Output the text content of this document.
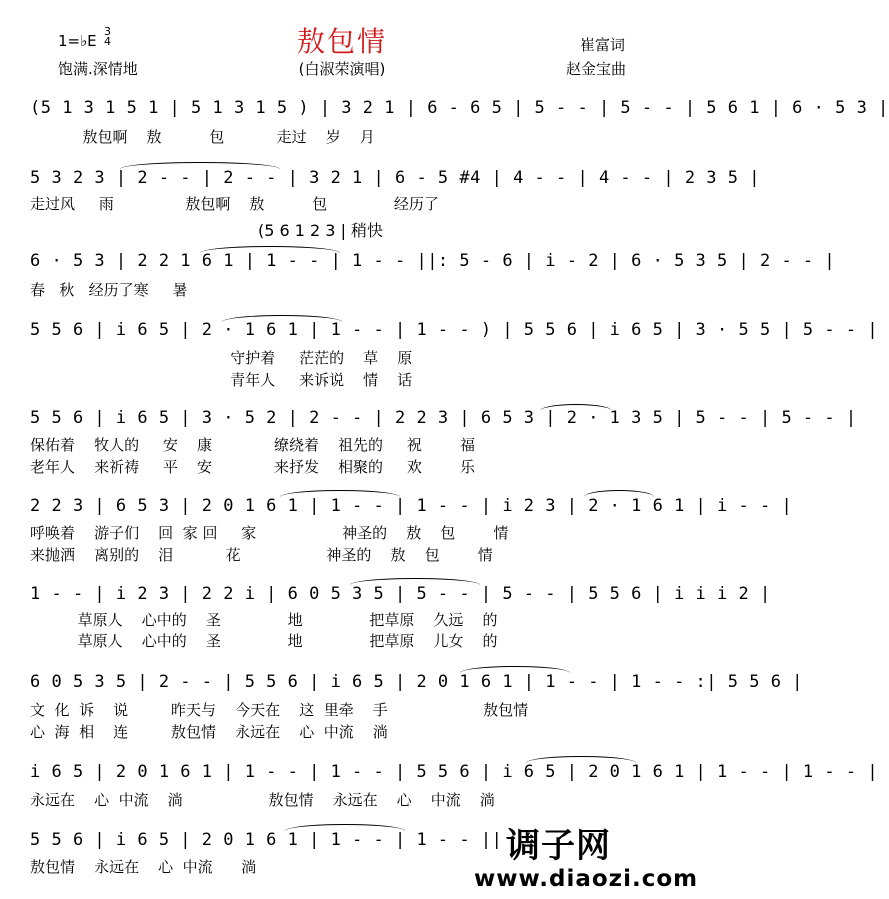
1=♭E
3
4	敖包情	崔富词
饱满.深情地	(白淑荣演唱)	赵金宝曲
(5 1 3 1 5 1 | 5 1 3 1 5 ) | 3 2 1 | 6 - 6 5 | 5 - - | 5 - - | 5 6 1 | 6 · 5 3 |
敖包啊    敖          包           走过    岁    月
5 3 2 3 | 2 - - | 2 - - | 3 2 1 | 6 - 5 #4 | 4 - - | 4 - - | 2 3 5 |
走过风     雨               敖包啊    敖          包              经历了
(5 6 1 2 3 | 稍快
6 · 5 3 | 2 2 1 6 1 | 1 - - | 1 - - ||: 5 - 6 | i - 2 | 6 · 5 3 5 | 2 - - |
春   秋   经历了寒     暑
5 5 6 | i 6 5 | 2 · 1 6 1 | 1 - - | 1 - - ) | 5 5 6 | i 6 5 | 3 · 5 5 | 5 - - |
守护着     茫茫的    草    原
青年人     来诉说    情    话
5 5 6 | i 6 5 | 3 · 5 2 | 2 - - | 2 2 3 | 6 5 3 | 2 · 1 3 5 | 5 - - | 5 - - |
保佑着    牧人的     安    康             缭绕着    祖先的     祝        福
老年人    来祈祷     平    安             来抒发    相聚的     欢        乐
2 2 3 | 6 5 3 | 2 0 1 6 1 | 1 - - | 1 - - | i 2 3 | 2 · 1 6 1 | i - - |
呼唤着    游子们    回  家 回     家                  神圣的    敖    包        情
来抛洒    离别的    泪           花                  神圣的    敖    包        情
1 - - | i 2 3 | 2 2 i | 6 0 5 3 5 | 5 - - | 5 - - | 5 5 6 | i i i 2 |
草原人    心中的    圣              地              把草原    久远    的
草原人    心中的    圣              地              把草原    儿女    的
6 0 5 3 5 | 2 - - | 5 5 6 | i 6 5 | 2 0 1 6 1 | 1 - - | 1 - - :| 5 5 6 |
文  化  诉    说         昨天与    今天在    这  里牵    手                    敖包情
心  海  相    连         敖包情    永远在    心  中流    淌
i 6 5 | 2 0 1 6 1 | 1 - - | 1 - - | 5 5 6 | i 6 5 | 2 0 1 6 1 | 1 - - | 1 - - |
永远在    心  中流    淌                  敖包情    永远在    心    中流    淌
5 5 6 | i 6 5 | 2 0 1 6 1 | 1 - - | 1 - - ||
敖包情    永远在    心  中流      淌
调子网
www.diaozi.com
